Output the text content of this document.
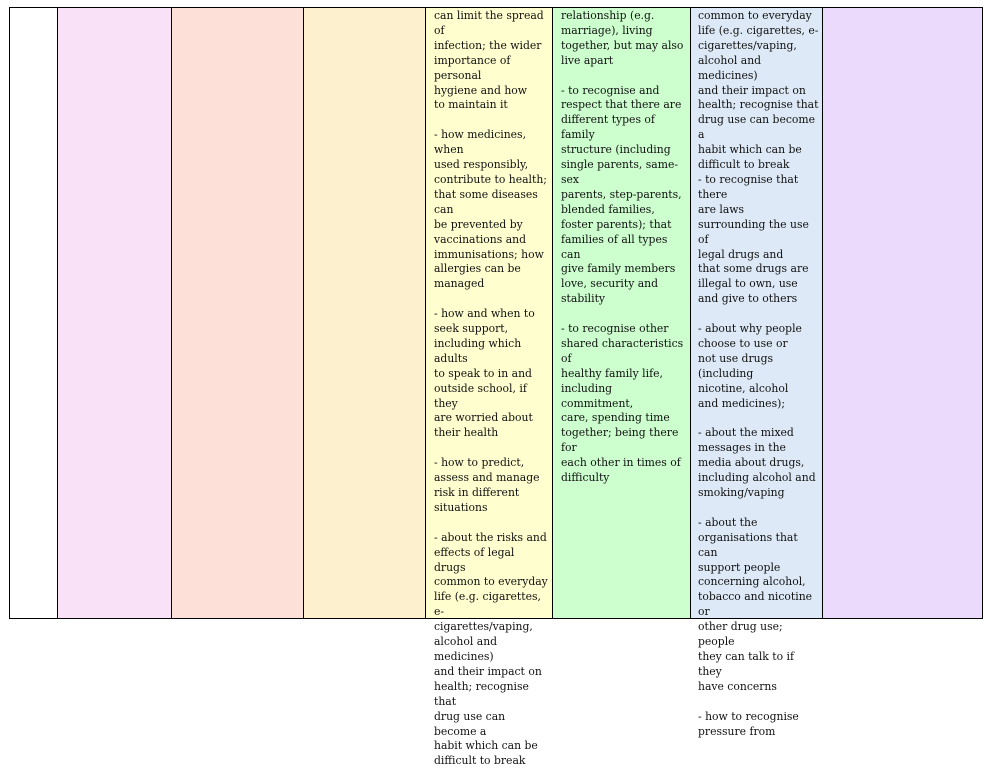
can limit the spread of
infection; the wider
importance of personal
hygiene and how
to maintain it

- how medicines, when
used responsibly,
contribute to health;
that some diseases can
be prevented by
vaccinations and
immunisations; how
allergies can be
managed

- how and when to
seek support,
including which adults
to speak to in and
outside school, if they
are worried about
their health

- how to predict,
assess and manage
risk in different
situations

- about the risks and
effects of legal drugs
common to everyday
life (e.g. cigarettes, e-
cigarettes/vaping,
alcohol and medicines)
and their impact on
health; recognise that
drug use can become a
habit which can be
difficult to break
relationship (e.g.
marriage), living
together, but may also
live apart

- to recognise and
respect that there are
different types of family
structure (including
single parents, same-sex
parents, step-parents,
blended families,
foster parents); that
families of all types can
give family members
love, security and
stability

- to recognise other
shared characteristics of
healthy family life,
including commitment,
care, spending time
together; being there for
each other in times of
difficulty
common to everyday
life (e.g. cigarettes, e-
cigarettes/vaping,
alcohol and medicines)
and their impact on
health; recognise that
drug use can become a
habit which can be
difficult to break
- to recognise that there
are laws
surrounding the use of
legal drugs and
that some drugs are
illegal to own, use
and give to others

- about why people
choose to use or
not use drugs (including
nicotine, alcohol
and medicines);

- about the mixed
messages in the
media about drugs,
including alcohol and
smoking/vaping

- about the
organisations that can
support people
concerning alcohol,
tobacco and nicotine or
other drug use; people
they can talk to if they
have concerns

- how to recognise
pressure from
